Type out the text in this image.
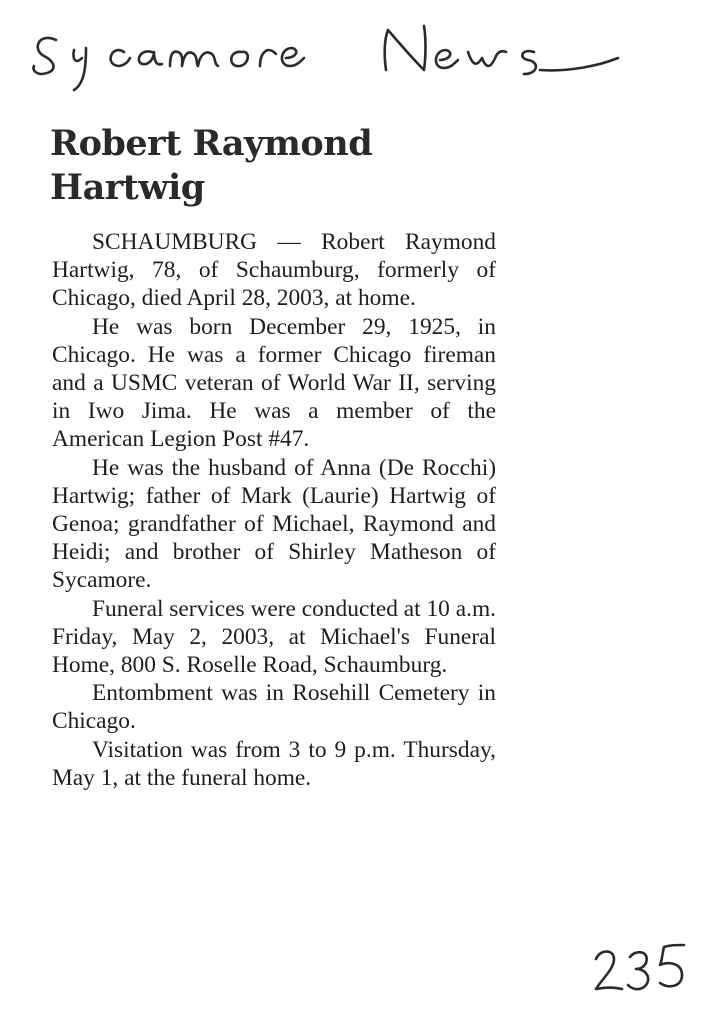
Robert Raymond Hartwig

SCHAUMBURG — Robert Raymond Hartwig, 78, of Schaumburg, formerly of Chicago, died April 28, 2003, at home.

He was born December 29, 1925, in Chicago. He was a former Chicago fireman and a USMC veteran of World War II, serving in Iwo Jima. He was a member of the American Legion Post #47.

He was the husband of Anna (De Rocchi) Hartwig; father of Mark (Laurie) Hartwig of Genoa; grandfather of Michael, Raymond and Heidi; and brother of Shirley Matheson of Sycamore.

Funeral services were conducted at 10 a.m. Friday, May 2, 2003, at Michael's Funeral Home, 800 S. Roselle Road, Schaumburg.

Entombment was in Rosehill Cemetery in Chicago.

Visitation was from 3 to 9 p.m. Thursday, May 1, at the funeral home.
